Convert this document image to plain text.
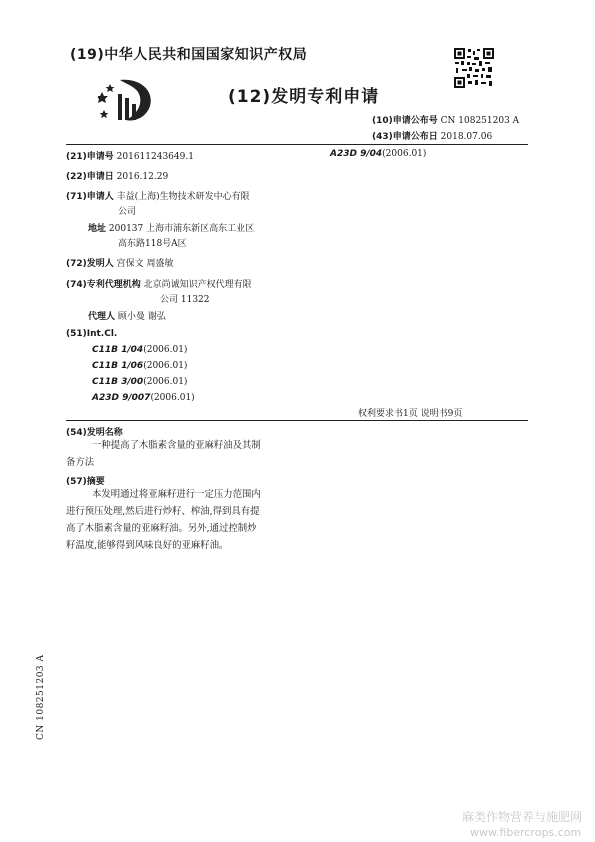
(19)中华人民共和国国家知识产权局
(12)发明专利申请
(10)申请公布号 CN 108251203 A
(43)申请公布日 2018.07.06
(21)申请号 201611243649.1	A23D 9/04(2006.01)
(22)申请日 2016.12.29
(71)申请人 丰益(上海)生物技术研发中心有限
公司
地址 200137 上海市浦东新区高东工业区
高东路118号A区
(72)发明人 宫保文 周盛敏
(74)专利代理机构 北京尚诚知识产权代理有限
公司 11322
代理人 顾小曼 谢弘
(51)Int.Cl.
C11B 1/04(2006.01)
C11B 1/06(2006.01)
C11B 3/00(2006.01)
A23D 9/007(2006.01)
权利要求书1页 说明书9页
(54)发明名称
一种提高了木脂素含量的亚麻籽油及其制
备方法
(57)摘要
本发明通过将亚麻籽进行一定压力范围内
进行预压处理,然后进行炒籽、榨油,得到具有提
高了木脂素含量的亚麻籽油。另外,通过控制炒
籽温度,能够得到风味良好的亚麻籽油。
CN 108251203 A
麻类作物营养与施肥网
www.fibercrops.com
